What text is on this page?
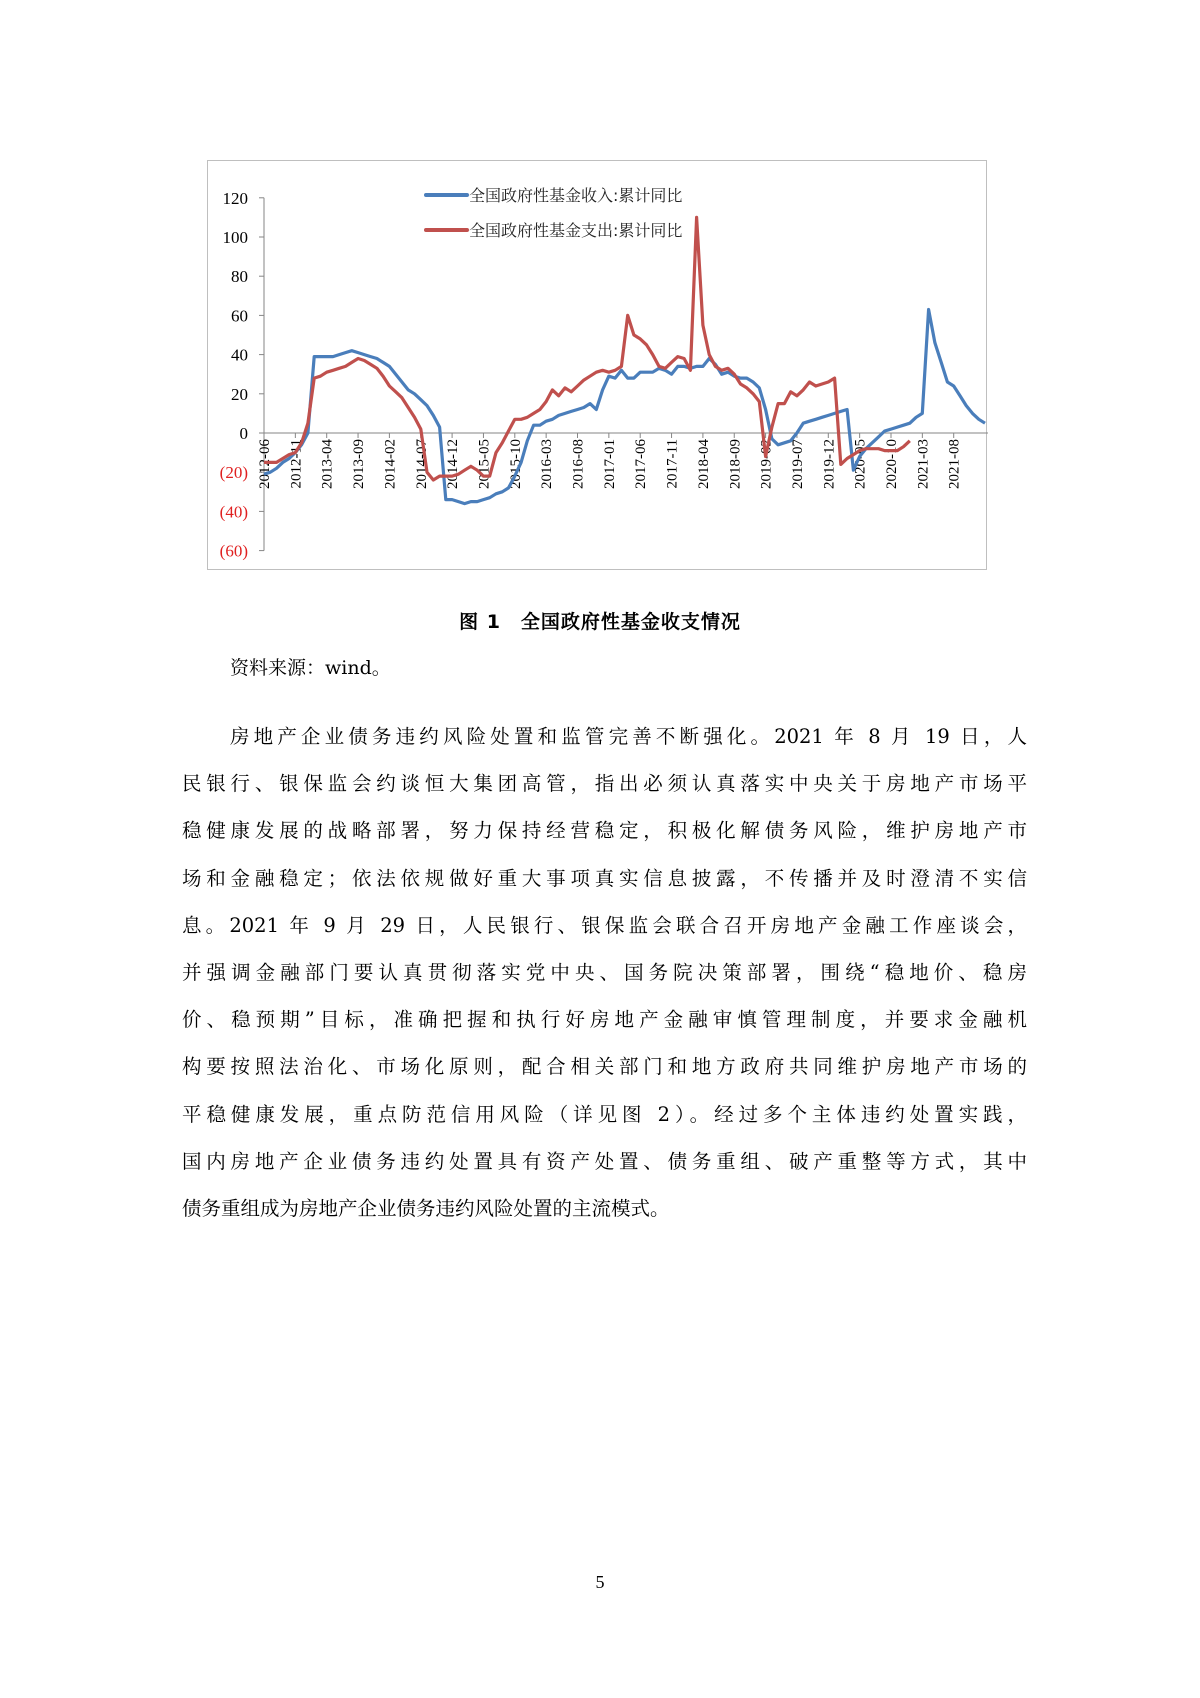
120
100
80
60
40
20
0
(20)
(40)
(60)
2012-06 2012-11 2013-04 2013-09 2014-02 2014-07 2014-12 2015-05 2015-10 2016-03 2016-08 2017-01 2017-06 2017-11 2018-04 2018-09 2019-02 2019-07 2019-12 2020-05 2020-10 2021-03 2021-08
全国政府性基金收入:累计同比
全国政府性基金支出:累计同比
图 1　全国政府性基金收支情况
资料来源：wind。
房地产企业债务违约风险处置和监管完善不断强化。2021 年 8 月 19 日，人
民银行、银保监会约谈恒大集团高管，指出必须认真落实中央关于房地产市场平
稳健康发展的战略部署，努力保持经营稳定，积极化解债务风险，维护房地产市
场和金融稳定；依法依规做好重大事项真实信息披露，不传播并及时澄清不实信
息。2021 年 9 月 29 日，人民银行、银保监会联合召开房地产金融工作座谈会，
并强调金融部门要认真贯彻落实党中央、国务院决策部署，围绕“稳地价、稳房
价、稳预期”目标，准确把握和执行好房地产金融审慎管理制度，并要求金融机
构要按照法治化、市场化原则，配合相关部门和地方政府共同维护房地产市场的
平稳健康发展，重点防范信用风险（详见图 2）。经过多个主体违约处置实践，
国内房地产企业债务违约处置具有资产处置、债务重组、破产重整等方式，其中
债务重组成为房地产企业债务违约风险处置的主流模式。
5
